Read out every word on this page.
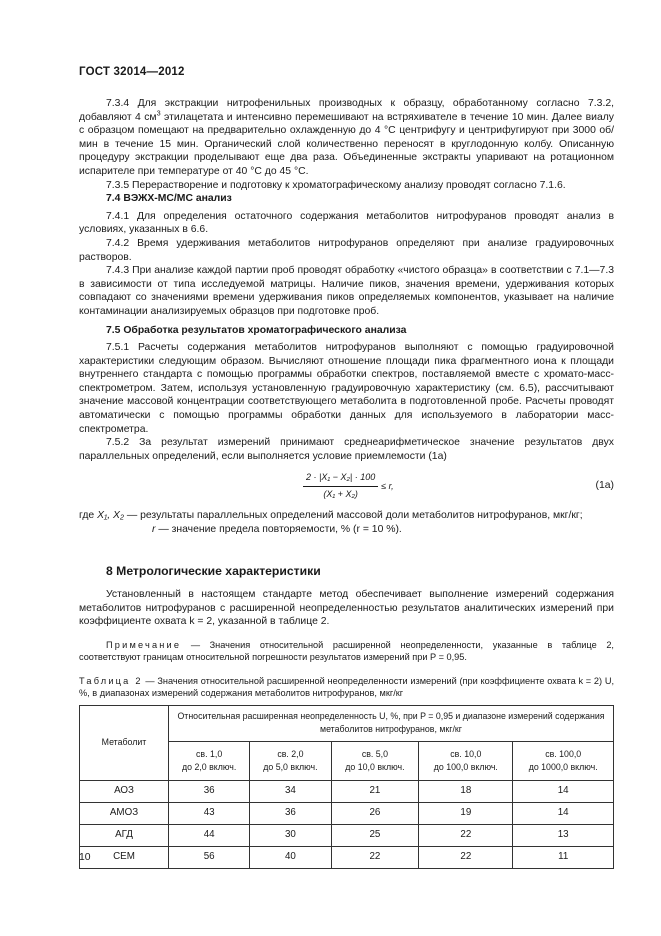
ГОСТ 32014—2012

7.3.4 Для экстракции нитрофенильных производных к образцу, обработанному согласно 7.3.2, добавляют 4 $см^3$ этилацетата и интенсивно перемешивают на встряхивателе в течение 10 мин. Далее виалу с образцом помещают на предварительно охлажденную до 4 °С центрифугу и центрифугируют при 3000 об/мин в течение 15 мин. Органический слой количественно переносят в круглодонную колбу. Описанную процедуру экстракции проделывают еще два раза. Объединенные экстракты упаривают на ротационном испарителе при температуре от 40 °С до 45 °С.

7.3.5 Перерастворение и подготовку к хроматографическому анализу проводят согласно 7.1.6.

7.4 ВЭЖХ-МС/МС анализ

7.4.1 Для определения остаточного содержания метаболитов нитрофуранов проводят анализ в условиях, указанных в 6.6.

7.4.2 Время удерживания метаболитов нитрофуранов определяют при анализе градуировочных растворов.

7.4.3 При анализе каждой партии проб проводят обработку «чистого образца» в соответствии с 7.1—7.3 в зависимости от типа исследуемой матрицы. Наличие пиков, значения времени, удерживания которых совпадают со значениями времени удерживания пиков определяемых компонентов, указывает на наличие контаминации анализируемых образцов при подготовке проб.

7.5 Обработка результатов хроматографического анализа

7.5.1 Расчеты содержания метаболитов нитрофуранов выполняют с помощью градуировочной характеристики следующим образом. Вычисляют отношение площади пика фрагментного иона к площади внутреннего стандарта с помощью программы обработки спектров, поставляемой вместе с хромато-масс-спектрометром. Затем, используя установленную градуировочную характеристику (см. 6.5), рассчитывают значение массовой концентрации соответствующего метаболита в подготовленной пробе. Расчеты проводят автоматически с помощью программы обработки данных для используемого в лаборатории масс-спектрометра.

7.5.2 За результат измерений принимают среднеарифметическое значение результатов двух параллельных определений, если выполняется условие приемлемости (1а)

$\frac{\text{2 · |X₁ − X₂| · 100}}{\text{(X₁ + X₂)}} \le r$,	(1а)

где X₁, X₂ — результаты параллельных определений массовой доли метаболитов нитрофуранов, мкг/кг;

r — значение предела повторяемости, % (r = 10 %).

8 Метрологические характеристики

Установленный в настоящем стандарте метод обеспечивает выполнение измерений содержания метаболитов нитрофуранов с расширенной неопределенностью результатов аналитических измерений при коэффициенте охвата k = 2, указанной в таблице 2.

Примечание — Значения относительной расширенной неопределенности, указанные в таблице 2, соответствуют границам относительной погрешности результатов измерений при P = 0,95.

Таблица 2 — Значения относительной расширенной неопределенности измерений (при коэффициенте охвата k = 2) U, %, в диапазонах измерений содержания метаболитов нитрофуранов, мкг/кг

Метаболит	Относительная расширенная неопределенность U, %, при P = 0,95 и диапазоне измерений содержания метаболитов нитрофуранов, мкг/кг				
	св. 1,0
до 2,0 включ.	св. 2,0
до 5,0 включ.	св. 5,0
до 10,0 включ.	св. 10,0
до 100,0 включ.	св. 100,0
до 1000,0 включ.
АОЗ	36	34	21	18	14
АМОЗ	43	36	26	19	14
АГД	44	30	25	22	13
СЕМ	56	40	22	22	11
10
